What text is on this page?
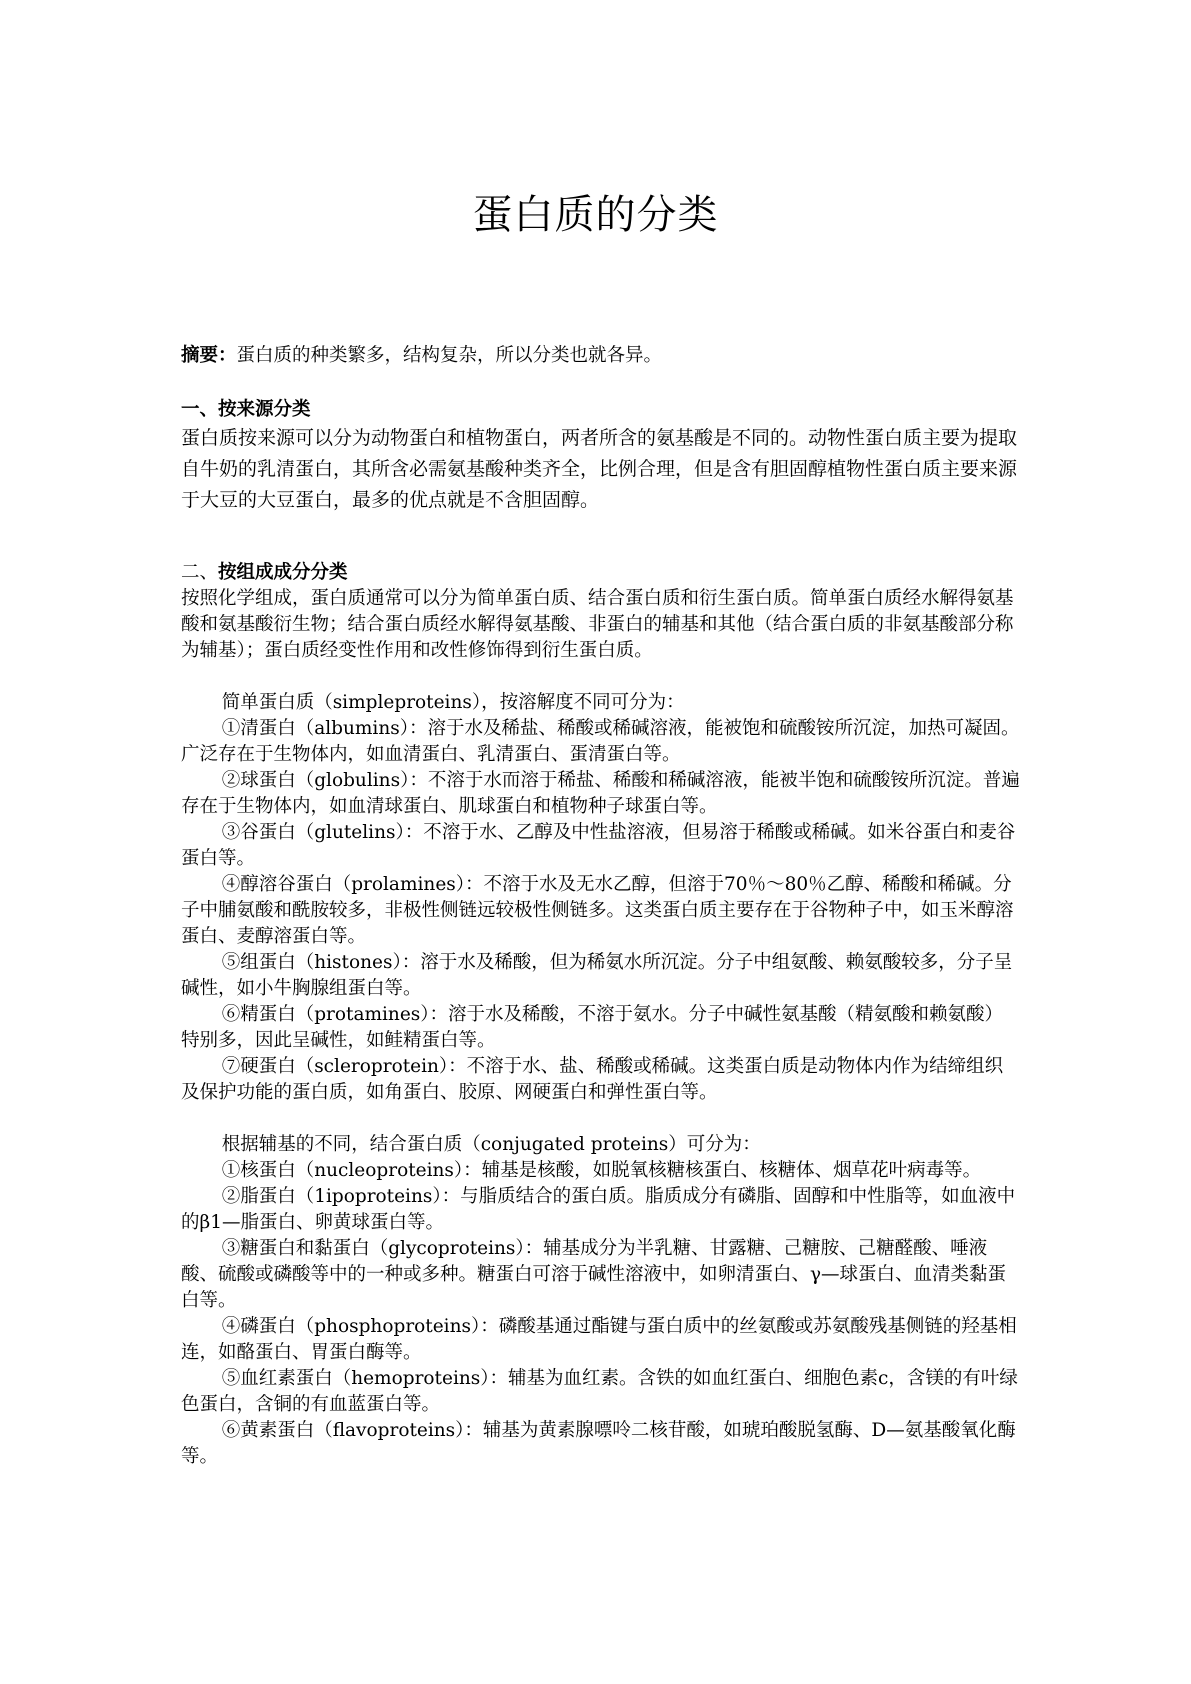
蛋白质的分类

摘要：蛋白质的种类繁多，结构复杂，所以分类也就各异。

一、按来源分类

蛋白质按来源可以分为动物蛋白和植物蛋白，两者所含的氨基酸是不同的。动物性蛋白质主要为提取自牛奶的乳清蛋白，其所含必需氨基酸种类齐全，比例合理，但是含有胆固醇植物性蛋白质主要来源于大豆的大豆蛋白，最多的优点就是不含胆固醇。

二、按组成成分分类

按照化学组成，蛋白质通常可以分为简单蛋白质、结合蛋白质和衍生蛋白质。简单蛋白质经水解得氨基酸和氨基酸衍生物；结合蛋白质经水解得氨基酸、非蛋白的辅基和其他（结合蛋白质的非氨基酸部分称为辅基）；蛋白质经变性作用和改性修饰得到衍生蛋白质。

简单蛋白质（simpleproteins），按溶解度不同可分为：

①清蛋白（albumins）：溶于水及稀盐、稀酸或稀碱溶液，能被饱和硫酸铵所沉淀，加热可凝固。广泛存在于生物体内，如血清蛋白、乳清蛋白、蛋清蛋白等。

②球蛋白（globulins）：不溶于水而溶于稀盐、稀酸和稀碱溶液，能被半饱和硫酸铵所沉淀。普遍存在于生物体内，如血清球蛋白、肌球蛋白和植物种子球蛋白等。

③谷蛋白（glutelins）：不溶于水、乙醇及中性盐溶液，但易溶于稀酸或稀碱。如米谷蛋白和麦谷蛋白等。

④醇溶谷蛋白（prolamines）：不溶于水及无水乙醇，但溶于70％～80％乙醇、稀酸和稀碱。分子中脯氨酸和酰胺较多，非极性侧链远较极性侧链多。这类蛋白质主要存在于谷物种子中，如玉米醇溶蛋白、麦醇溶蛋白等。

⑤组蛋白（histones）：溶于水及稀酸，但为稀氨水所沉淀。分子中组氨酸、赖氨酸较多，分子呈碱性，如小牛胸腺组蛋白等。

⑥精蛋白（protamines）：溶于水及稀酸，不溶于氨水。分子中碱性氨基酸（精氨酸和赖氨酸）特别多，因此呈碱性，如鲑精蛋白等。

⑦硬蛋白（scleroprotein）：不溶于水、盐、稀酸或稀碱。这类蛋白质是动物体内作为结缔组织及保护功能的蛋白质，如角蛋白、胶原、网硬蛋白和弹性蛋白等。

根据辅基的不同，结合蛋白质（conjugated proteins）可分为：

①核蛋白（nucleoproteins）：辅基是核酸，如脱氧核糖核蛋白、核糖体、烟草花叶病毒等。

②脂蛋白（1ipoproteins）：与脂质结合的蛋白质。脂质成分有磷脂、固醇和中性脂等，如血液中的β1—脂蛋白、卵黄球蛋白等。

③糖蛋白和黏蛋白（glycoproteins）：辅基成分为半乳糖、甘露糖、己糖胺、己糖醛酸、唾液酸、硫酸或磷酸等中的一种或多种。糖蛋白可溶于碱性溶液中，如卵清蛋白、γ—球蛋白、血清类黏蛋白等。

④磷蛋白（phosphoproteins）：磷酸基通过酯键与蛋白质中的丝氨酸或苏氨酸残基侧链的羟基相连，如酪蛋白、胃蛋白酶等。

⑤血红素蛋白（hemoproteins）：辅基为血红素。含铁的如血红蛋白、细胞色素c，含镁的有叶绿色蛋白，含铜的有血蓝蛋白等。

⑥黄素蛋白（flavoproteins）：辅基为黄素腺嘌呤二核苷酸，如琥珀酸脱氢酶、D—氨基酸氧化酶等。
